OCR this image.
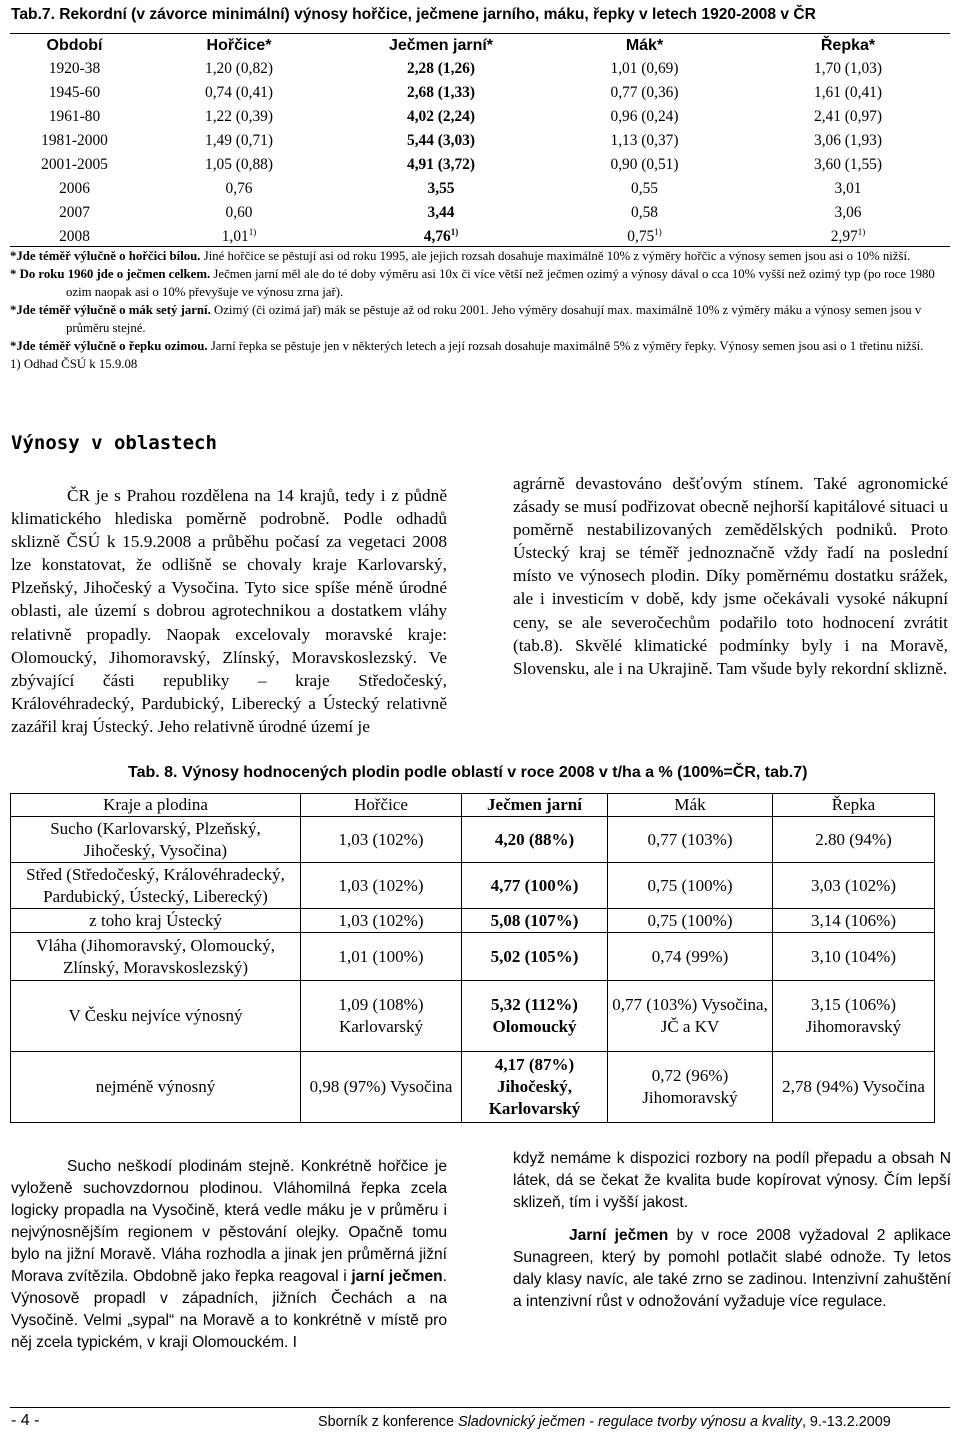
Tab.7. Rekordní (v závorce minimální) výnosy hořčice, ječmene jarního, máku, řepky v letech 1920-2008 v ČR
Období	Hořčice*	Ječmen jarní*	Mák*	Řepka*
1920-38	1,20 (0,82)	2,28 (1,26)	1,01 (0,69)	1,70 (1,03)
1945-60	0,74 (0,41)	2,68 (1,33)	0,77 (0,36)	1,61 (0,41)
1961-80	1,22 (0,39)	4,02 (2,24)	0,96 (0,24)	2,41 (0,97)
1981-2000	1,49 (0,71)	5,44 (3,03)	1,13 (0,37)	3,06 (1,93)
2001-2005	1,05 (0,88)	4,91 (3,72)	0,90 (0,51)	3,60 (1,55)
2006	0,76	3,55	0,55	3,01
2007	0,60	3,44	0,58	3,06
2008	1,01$^{1)}$	4,76$^{1)}$	0,75$^{1)}$	2,97$^{1)}$

*Jde téměř výlučně o hořčici bílou. Jiné hořčice se pěstují asi od roku 1995, ale jejich rozsah dosahuje maximálně 10% z výměry hořčic a výnosy semen jsou asi o 10% nižší.

* Do roku 1960 jde o ječmen celkem. Ječmen jarní měl ale do té doby výměru asi 10x či více větší než ječmen ozimý a výnosy dával o cca 10% vyšší než ozimý typ (po roce 1980 ozim naopak asi o 10% převyšuje ve výnosu zrna jař).

*Jde téměř výlučně o mák setý jarní. Ozimý (či ozimá jař) mák se pěstuje až od roku 2001. Jeho výměry dosahují max. maximálně 10% z výměry máku a výnosy semen jsou v průměru stejné.

*Jde téměř výlučně o řepku ozimou. Jarní řepka se pěstuje jen v některých letech a její rozsah dosahuje maximálně 5% z výměry řepky. Výnosy semen jsou asi o 1 třetinu nižší.

1) Odhad ČSÚ k 15.9.08

Výnosy v oblastech
ČR je s Prahou rozdělena na 14 krajů, tedy i z půdně klimatického hlediska poměrně podrobně. Podle odhadů sklizně ČSÚ k 15.9.2008 a průběhu počasí za vegetaci 2008 lze konstatovat, že odlišně se chovaly kraje Karlovarský, Plzeňský, Jihočeský a Vysočina. Tyto sice spíše méně úrodné oblasti, ale území s dobrou agrotechnikou a dostatkem vláhy relativně propadly. Naopak excelovaly moravské kraje: Olomoucký, Jihomoravský, Zlínský, Moravskoslezský. Ve zbývající části republiky – kraje Středočeský, Královéhradecký, Pardubický, Liberecký a Ústecký relativně zazářil kraj Ústecký. Jeho relativně úrodné území je
agrárně devastováno dešťovým stínem. Také agronomické zásady se musí podřizovat obecně nejhorší kapitálové situaci u poměrně nestabilizovaných zemědělských podniků. Proto Ústecký kraj se téměř jednoznačně vždy řadí na poslední místo ve výnosech plodin. Díky poměrnému dostatku srážek, ale i investicím v době, kdy jsme očekávali vysoké nákupní ceny, se ale severočechům podařilo toto hodnocení zvrátit (tab.8). Skvělé klimatické podmínky byly i na Moravě, Slovensku, ale i na Ukrajině. Tam všude byly rekordní sklizně.
Tab. 8. Výnosy hodnocených plodin podle oblastí v roce 2008 v t/ha a % (100%=ČR, tab.7)
Kraje a plodina	Hořčice	Ječmen jarní	Mák	Řepka
Sucho (Karlovarský, Plzeňský, Jihočeský, Vysočina)	1,03 (102%)	4,20 (88%)	0,77 (103%)	2.80 (94%)
Střed (Středočeský, Královéhradecký, Pardubický, Ústecký, Liberecký)	1,03 (102%)	4,77 (100%)	0,75 (100%)	3,03 (102%)
z toho kraj Ústecký	1,03 (102%)	5,08 (107%)	0,75 (100%)	3,14 (106%)
Vláha (Jihomoravský, Olomoucký, Zlínský, Moravskoslezský)	1,01 (100%)	5,02 (105%)	0,74 (99%)	3,10 (104%)
V Česku nejvíce výnosný	1,09 (108%) Karlovarský	5,32 (112%) Olomoucký	0,77 (103%) Vysočina, JČ a KV	3,15 (106%) Jihomoravský
nejméně výnosný	0,98 (97%) Vysočina	4,17 (87%) Jihočeský, Karlovarský	0,72 (96%) Jihomoravský	2,78 (94%) Vysočina
Sucho neškodí plodinám stejně. Konkrétně hořčice je vyloženě suchovzdornou plodinou. Vláhomilná řepka zcela logicky propadla na Vysočině, která vedle máku je v průměru i nejvýnosnějším regionem v pěstování olejky. Opačně tomu bylo na jižní Moravě. Vláha rozhodla a jinak jen průměrná jižní Morava zvítězila. Obdobně jako řepka reagoval i jarní ječmen. Výnosově propadl v západních, jižních Čechách a na Vysočině. Velmi „sypal“ na Moravě a to konkrétně v místě pro něj zcela typickém, v kraji Olomouckém. I

když nemáme k dispozici rozbory na podíl přepadu a obsah N látek, dá se čekat že kvalita bude kopírovat výnosy. Čím lepší sklizeň, tím i vyšší jakost.

Jarní ječmen by v roce 2008 vyžadoval 2 aplikace Sunagreen, který by pomohl potlačit slabé odnože. Ty letos daly klasy navíc, ale také zrno se zadinou. Intenzivní zahuštění a intenzivní růst v odnožování vyžaduje více regulace.

- 4 -	Sborník z konference Sladovnický ječmen - regulace tvorby výnosu a kvality, 9.-13.2.2009
